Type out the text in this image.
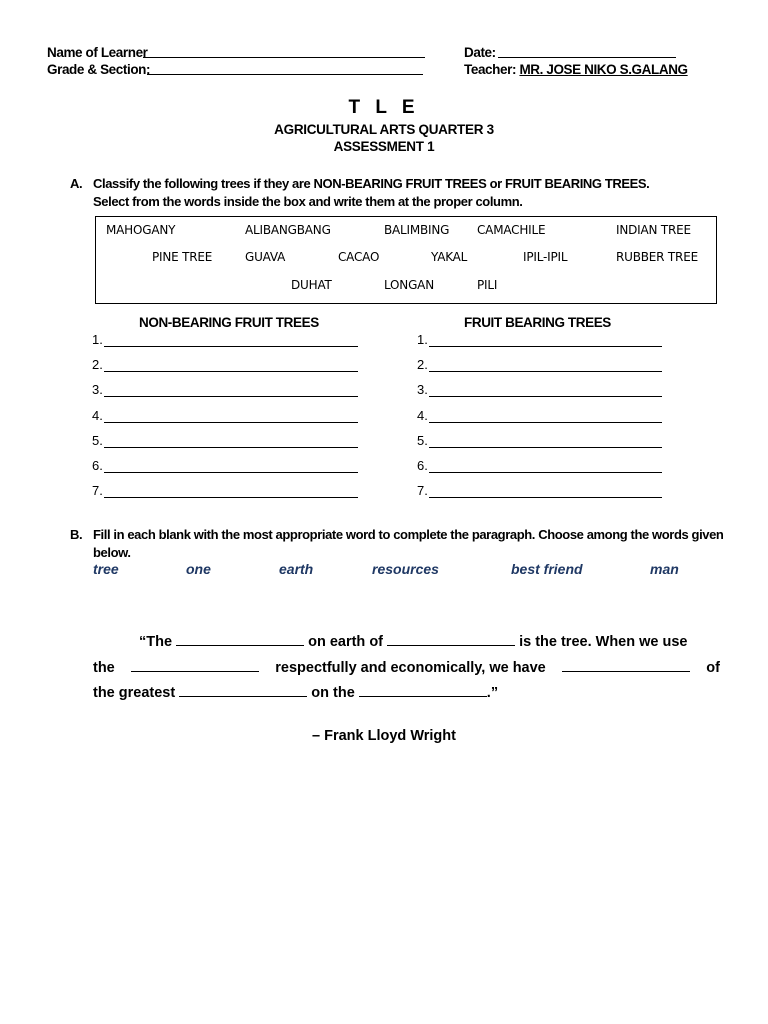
Name of Learner	Date:
Grade & Section:	Teacher: MR. JOSE NIKO S.GALANG
T L E
AGRICULTURAL ARTS QUARTER 3
ASSESSMENT 1
A. Classify the following trees if they are NON-BEARING FRUIT TREES or FRUIT BEARING TREES.
Select from the words inside the box and write them at the proper column.
MAHOGANY	ALIBANGBANG	BALIMBING CAMACHILE	INDIAN TREE
PINE TREE	GUAVA	CACAO	YAKAL	IPIL-IPIL	RUBBER TREE
DUHAT	LONGAN	PILI
NON-BEARING FRUIT TREES	FRUIT BEARING TREES
1.	1.
2.	2.
3.	3.
4.	4.
5.	5.
6.	6.
7.	7.
B. Fill in each blank with the most appropriate word to complete the paragraph. Choose among the words given
below.
tree	one	earth	resources	best friend	man
“The	on earth of	is the tree. When we use
the	respectfully and economically, we have	of
the greatest	on the	.”
– Frank Lloyd Wright
